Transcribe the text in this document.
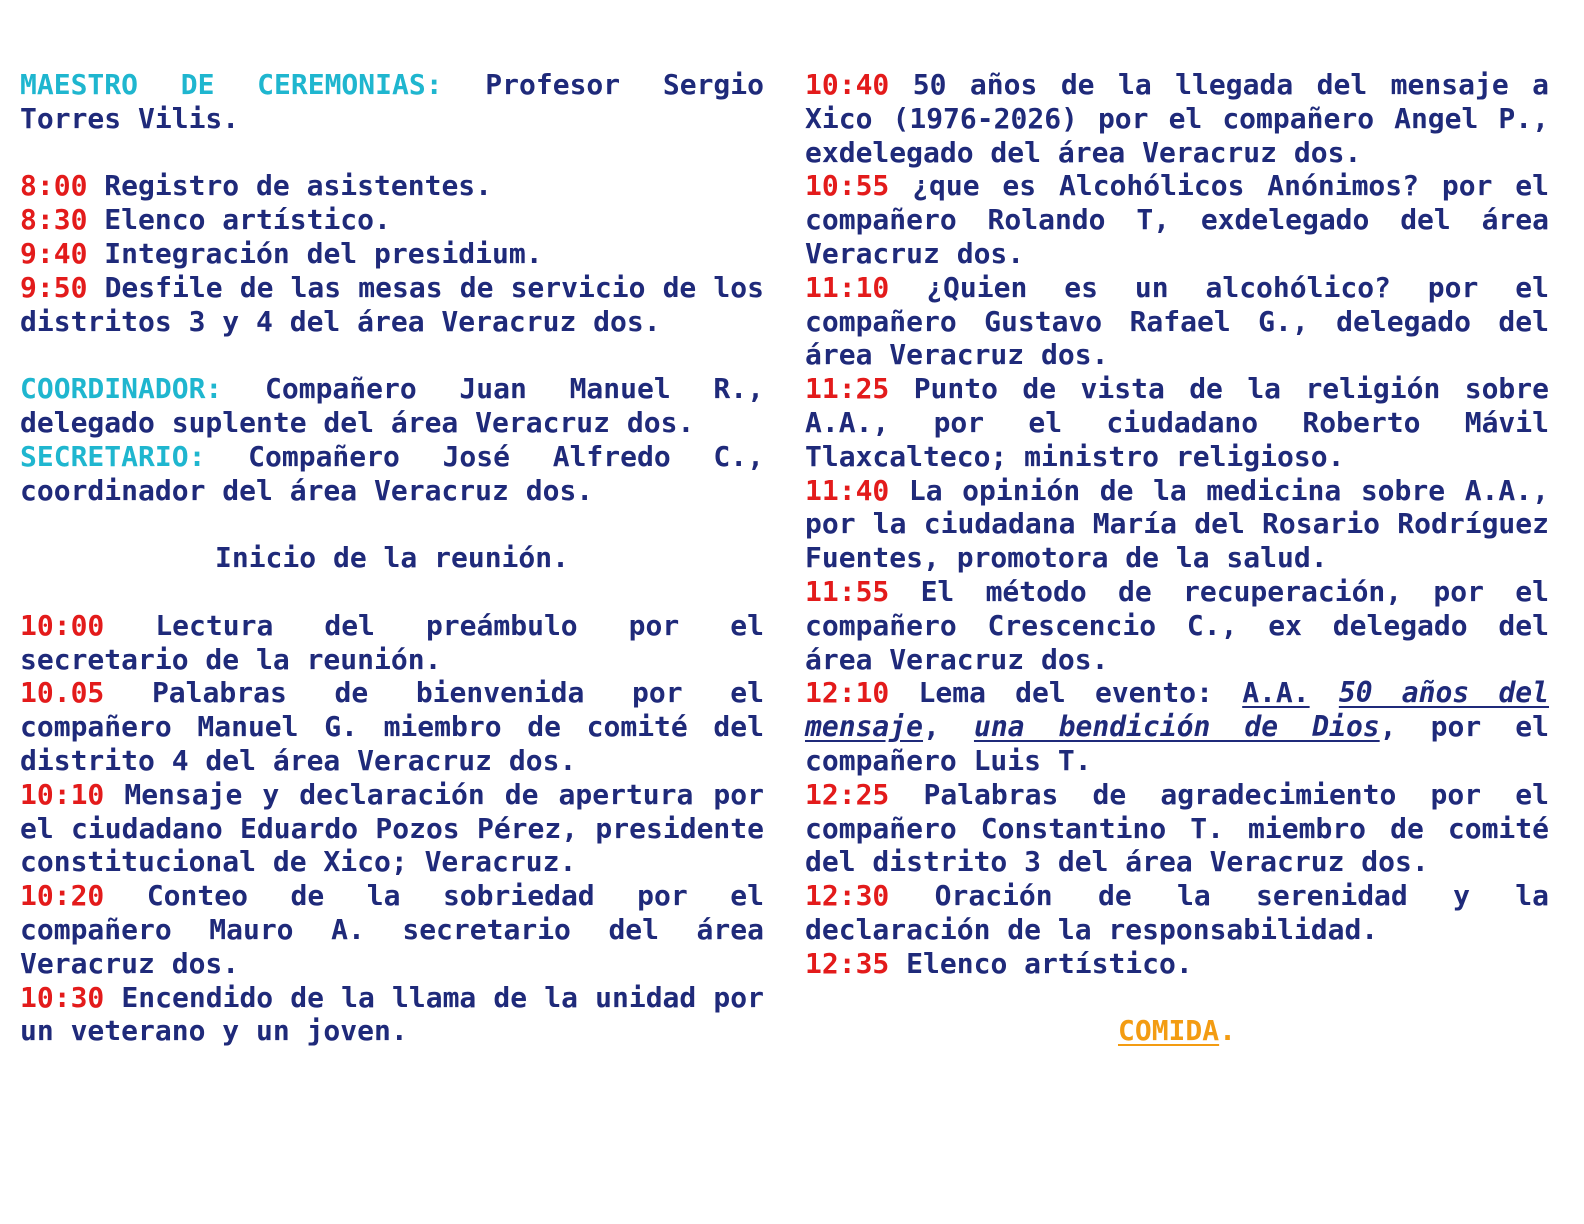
MAESTRO DE CEREMONIAS: Profesor Sergio Torres Vilis.

8:00 Registro de asistentes.

8:30 Elenco artístico.

9:40 Integración del presidium.

9:50 Desfile de las mesas de servicio de los distritos 3 y 4 del área Veracruz dos.

COORDINADOR: Compañero Juan Manuel R., delegado suplente del área Veracruz dos.

SECRETARIO: Compañero José Alfredo C., coordinador del área Veracruz dos.

Inicio de la reunión.

10:00 Lectura del preámbulo por el secretario de la reunión.

10.05 Palabras de bienvenida por el compañero Manuel G. miembro de comité del distrito 4 del área Veracruz dos.

10:10 Mensaje y declaración de apertura por el ciudadano Eduardo Pozos Pérez, presidente constitucional de Xico; Veracruz.

10:20 Conteo de la sobriedad por el compañero Mauro A. secretario del área Veracruz dos.

10:30 Encendido de la llama de la unidad por un veterano y un joven.

10:40 50 años de la llegada del mensaje a Xico (1976-2026) por el compañero Angel P., exdelegado del área Veracruz dos.

10:55 ¿que es Alcohólicos Anónimos? por el compañero Rolando T, exdelegado del área Veracruz dos.

11:10 ¿Quien es un alcohólico? por el compañero Gustavo Rafael G., delegado del área Veracruz dos.

11:25 Punto de vista de la religión sobre A.A., por el ciudadano Roberto Mávil Tlaxcalteco; ministro religioso.

11:40 La opinión de la medicina sobre A.A., por la ciudadana María del Rosario Rodríguez Fuentes, promotora de la salud.

11:55 El método de recuperación, por el compañero Crescencio C., ex delegado del área Veracruz dos.

12:10 Lema del evento: A.A. 50 años del mensaje, una bendición de Dios, por el compañero Luis T.

12:25 Palabras de agradecimiento por el compañero Constantino T. miembro de comité del distrito 3 del área Veracruz dos.

12:30 Oración de la serenidad y la declaración de la responsabilidad.

12:35 Elenco artístico.

COMIDA.
